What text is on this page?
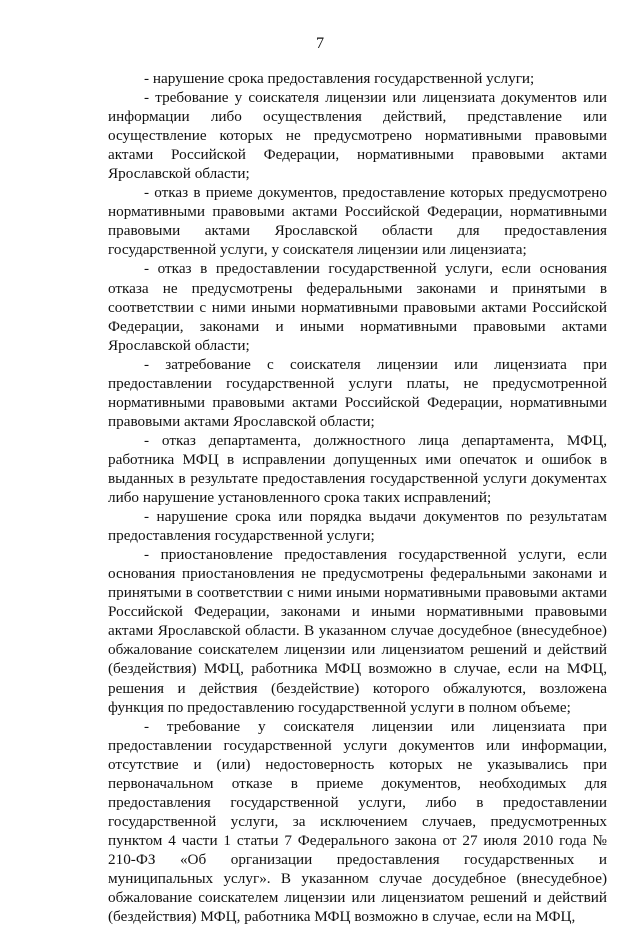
7

- нарушение срока предоставления государственной услуги;

- требование у соискателя лицензии или лицензиата документов или информации либо осуществления действий, представление или осуществление которых не предусмотрено нормативными правовыми актами Российской Федерации, нормативными правовыми актами Ярославской области;

- отказ в приеме документов, предоставление которых предусмотрено нормативными правовыми актами Российской Федерации, нормативными правовыми актами Ярославской области для предоставления государственной услуги, у соискателя лицензии или лицензиата;

- отказ в предоставлении государственной услуги, если основания отказа не предусмотрены федеральными законами и принятыми в соответствии с ними иными нормативными правовыми актами Российской Федерации, законами и иными нормативными правовыми актами Ярославской области;

- затребование с соискателя лицензии или лицензиата при предоставлении государственной услуги платы, не предусмотренной нормативными правовыми актами Российской Федерации, нормативными правовыми актами Ярославской области;

- отказ департамента, должностного лица департамента, МФЦ, работника МФЦ в исправлении допущенных ими опечаток и ошибок в выданных в результате предоставления государственной услуги документах либо нарушение установленного срока таких исправлений;

- нарушение срока или порядка выдачи документов по результатам предоставления государственной услуги;

- приостановление предоставления государственной услуги, если основания приостановления не предусмотрены федеральными законами и принятыми в соответствии с ними иными нормативными правовыми актами Российской Федерации, законами и иными нормативными правовыми актами Ярославской области. В указанном случае досудебное (внесудебное) обжалование соискателем лицензии или лицензиатом решений и действий (бездействия) МФЦ, работника МФЦ возможно в случае, если на МФЦ, решения и действия (бездействие) которого обжалуются, возложена функция по предоставлению государственной услуги в полном объеме;

- требование у соискателя лицензии или лицензиата при предоставлении государственной услуги документов или информации, отсутствие и (или) недостоверность которых не указывались при первоначальном отказе в приеме документов, необходимых для предоставления государственной услуги, либо в предоставлении государственной услуги, за исключением случаев, предусмотренных пунктом 4 части 1 статьи 7 Федерального закона от 27 июля 2010 года № 210-ФЗ «Об организации предоставления государственных и муниципальных услуг». В указанном случае досудебное (внесудебное) обжалование соискателем лицензии или лицензиатом решений и действий (бездействия) МФЦ, работника МФЦ возможно в случае, если на МФЦ,
